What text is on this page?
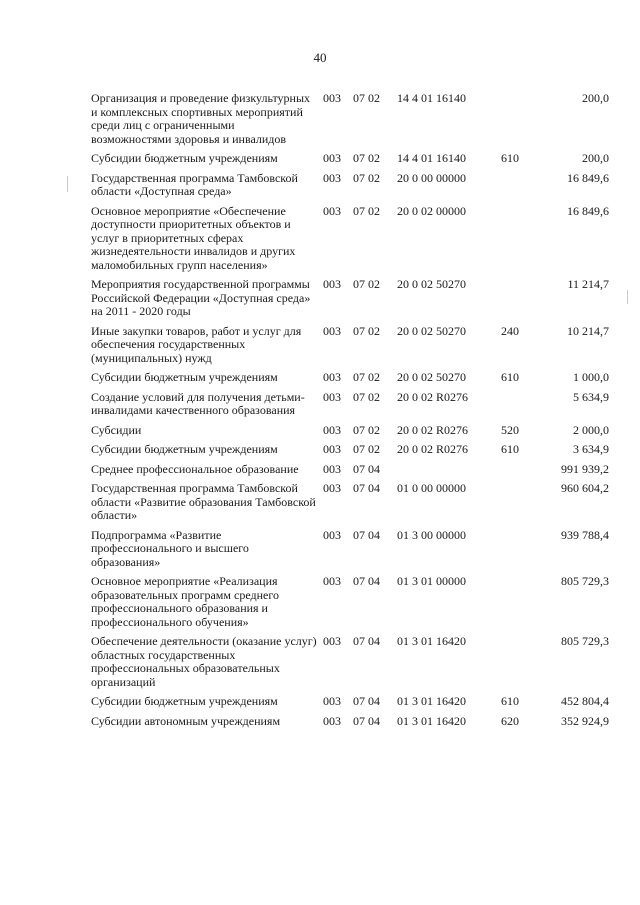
40
Организация и проведение физкультурных и комплексных спортивных мероприятий среди лиц с ограниченными возможностями здоровья и инвалидов	003	07 02	14 4 01 16140		200,0
Субсидии бюджетным учреждениям	003	07 02	14 4 01 16140	610	200,0
Государственная программа Тамбовской области «Доступная среда»	003	07 02	20 0 00 00000		16 849,6
Основное мероприятие «Обеспечение доступности приоритетных объектов и услуг в приоритетных сферах жизнедеятельности инвалидов и других маломобильных групп населения»	003	07 02	20 0 02 00000		16 849,6
Мероприятия государственной программы Российской Федерации «Доступная среда» на 2011 - 2020 годы	003	07 02	20 0 02 50270		11 214,7
Иные закупки товаров, работ и услуг для обеспечения государственных (муниципальных) нужд	003	07 02	20 0 02 50270	240	10 214,7
Субсидии бюджетным учреждениям	003	07 02	20 0 02 50270	610	1 000,0
Создание условий для получения детьми-инвалидами качественного образования	003	07 02	20 0 02 R0276		5 634,9
Субсидии	003	07 02	20 0 02 R0276	520	2 000,0
Субсидии бюджетным учреждениям	003	07 02	20 0 02 R0276	610	3 634,9
Среднее профессиональное образование	003	07 04			991 939,2
Государственная программа Тамбовской области «Развитие образования Тамбовской области»	003	07 04	01 0 00 00000		960 604,2
Подпрограмма «Развитие профессионального и высшего образования»	003	07 04	01 3 00 00000		939 788,4
Основное мероприятие «Реализация образовательных программ среднего профессионального образования и профессионального обучения»	003	07 04	01 3 01 00000		805 729,3
Обеспечение деятельности (оказание услуг) областных государственных профессиональных образовательных организаций	003	07 04	01 3 01 16420		805 729,3
Субсидии бюджетным учреждениям	003	07 04	01 3 01 16420	610	452 804,4
Субсидии автономным учреждениям	003	07 04	01 3 01 16420	620	352 924,9
